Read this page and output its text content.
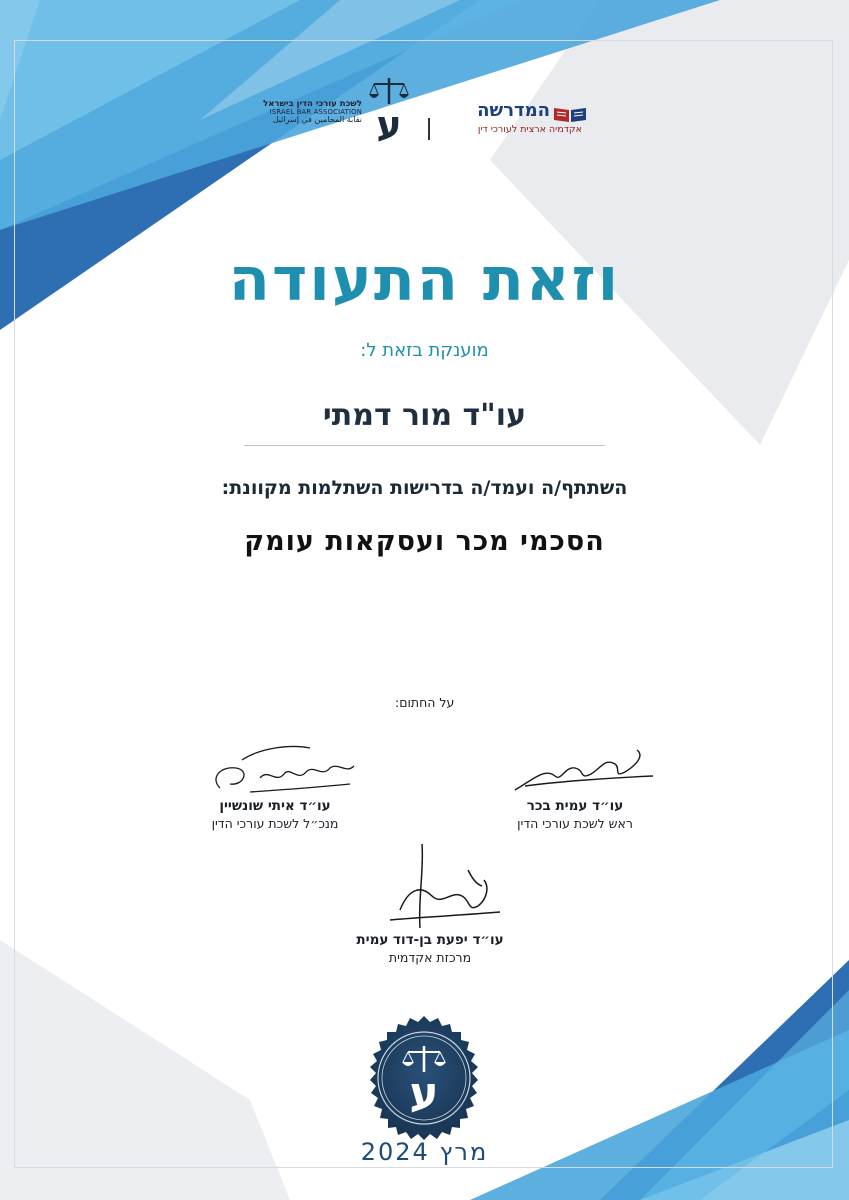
לשכת עורכי הדין בישראל
ISRAEL BAR ASSOCIATION
نقابة المحامين في إسرائيل ע	המדרשה
אקדמיה ארצית לעורכי דין
וזאת התעודה
מוענקת בזאת ל:
עו"ד מור דמתי
השתתף/ה ועמד/ה בדרישות השתלמות מקוונת:
הסכמי מכר ועסקאות עומק
על החתום:
עו״ד עמית בכר
ראש לשכת עורכי הדין
עו״ד איתי שונשיין
מנכ״ל לשכת עורכי הדין
עו״ד יפעת בן-דוד עמית
מרכזת אקדמית
ע
מרץ 2024
